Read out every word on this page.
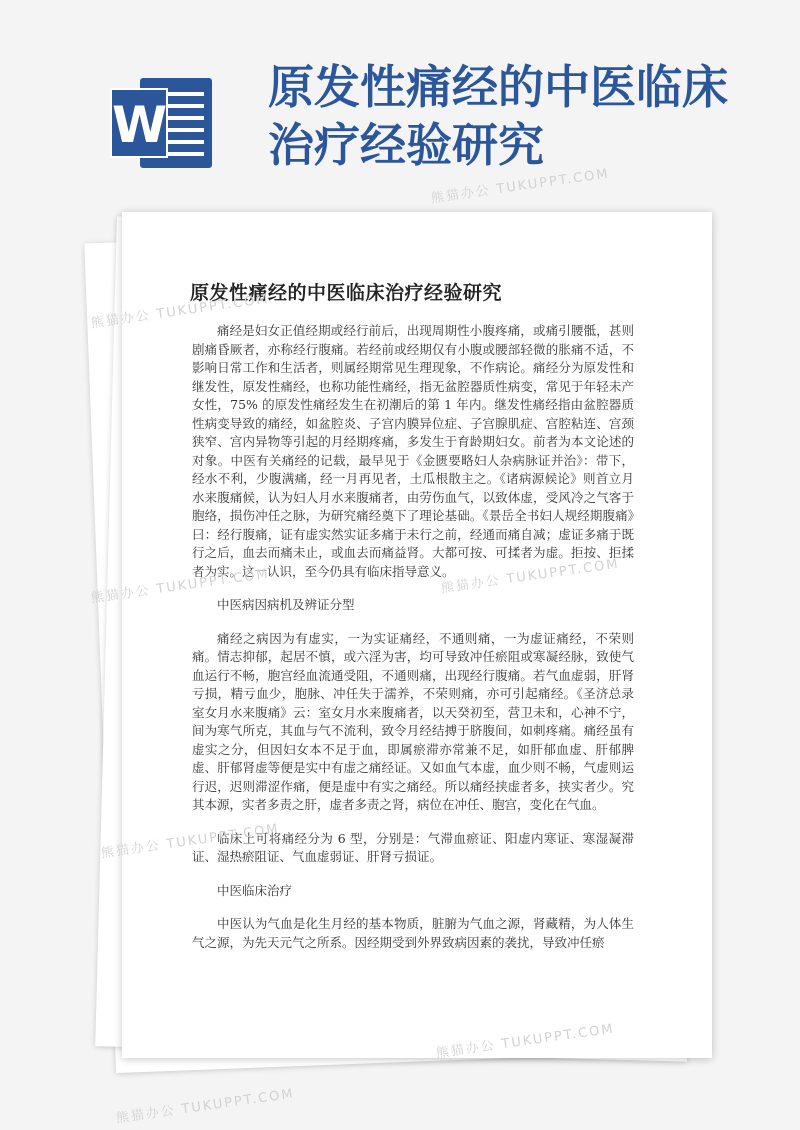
W
原发性痛经的中医临床治疗经验研究
原发性痛经的中医临床治疗经验研究

痛经是妇女正值经期或经行前后，出现周期性小腹疼痛，或痛引腰骶，甚则剧痛昏厥者，亦称经行腹痛。若经前或经期仅有小腹或腰部轻微的胀痛不适，不影响日常工作和生活者，则属经期常见生理现象，不作病论。痛经分为原发性和继发性，原发性痛经，也称功能性痛经，指无盆腔器质性病变，常见于年轻未产女性，75% 的原发性痛经发生在初潮后的第 1 年内。继发性痛经指由盆腔器质性病变导致的痛经，如盆腔炎、子宫内膜异位症、子宫腺肌症、宫腔粘连、宫颈狭窄、宫内异物等引起的月经期疼痛，多发生于育龄期妇女。前者为本文论述的对象。中医有关痛经的记载，最早见于《金匮要略妇人杂病脉证并治》：带下，经水不利，少腹满痛，经一月再见者，土瓜根散主之。《诸病源候论》则首立月水来腹痛候，认为妇人月水来腹痛者，由劳伤血气，以致体虚，受风冷之气客于胞络，损伤冲任之脉，为研究痛经奠下了理论基础。《景岳全书妇人规经期腹痛》曰：经行腹痛，证有虚实然实证多痛于未行之前，经通而痛自减；虚证多痛于既行之后，血去而痛未止，或血去而痛益肾。大都可按、可揉者为虚。拒按、拒揉者为实。这一认识，至今仍具有临床指导意义。

中医病因病机及辨证分型

痛经之病因为有虚实，一为实证痛经，不通则痛，一为虚证痛经，不荣则痛。情志抑郁，起居不慎，或六淫为害，均可导致冲任瘀阻或寒凝经脉，致使气血运行不畅，胞宫经血流通受阻，不通则痛，出现经行腹痛。若气血虚弱，肝肾亏损，精亏血少，胞脉、冲任失于濡养，不荣则痛，亦可引起痛经。《圣济总录室女月水来腹痛》云：室女月水来腹痛者，以天癸初至，营卫未和，心神不宁，间为寒气所克，其血与气不流利，致令月经结搏于脐腹间，如刺疼痛。痛经虽有虚实之分，但因妇女本不足于血，即属瘀滞亦常兼不足，如肝郁血虚、肝郁脾虚、肝郁肾虚等便是实中有虚之痛经证。又如血气本虚，血少则不畅，气虚则运行迟，迟则滞涩作痛，便是虚中有实之痛经。所以痛经挟虚者多，挟实者少。究其本源，实者多责之肝，虚者多责之肾，病位在冲任、胞宫，变化在气血。

临床上可将痛经分为 6 型，分别是：气滞血瘀证、阳虚内寒证、寒湿凝滞证、湿热瘀阻证、气血虚弱证、肝肾亏损证。

中医临床治疗

中医认为气血是化生月经的基本物质，脏腑为气血之源，肾藏精，为人体生气之源，为先天元气之所系。因经期受到外界致病因素的袭扰，导致冲任瘀

熊猫办公 TUKUPPT.COM
熊猫办公 TUKUPPT.COM
熊猫办公 TUKUPPT.COM	熊猫办公 TUKUPPT.COM
熊猫办公 TUKUPPT.COM
熊猫办公 TUKUPPT.COM
熊猫办公 TUKUPPT.COM
